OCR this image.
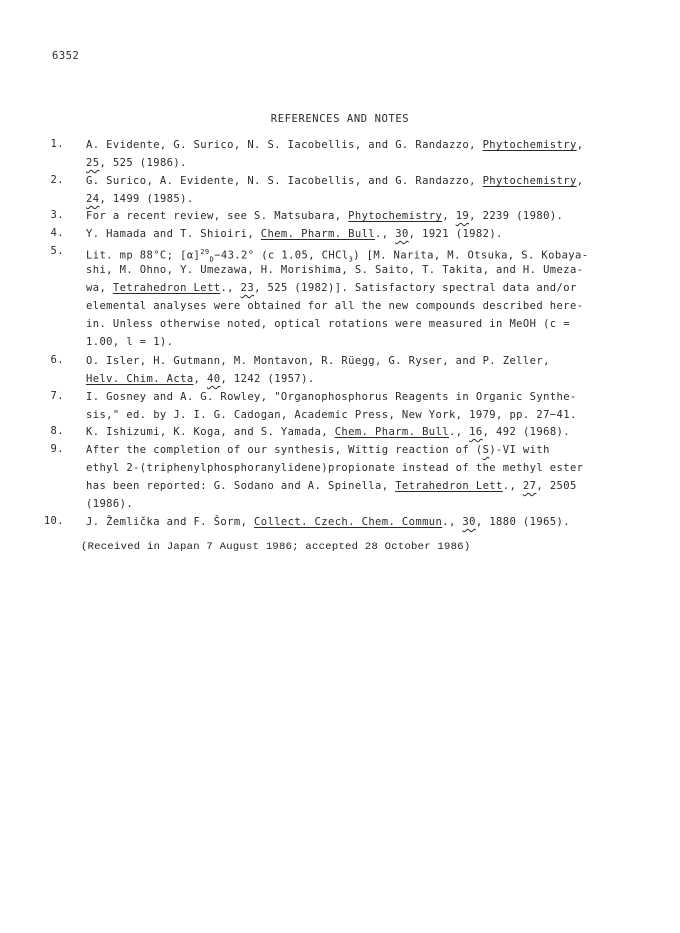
6352
REFERENCES AND NOTES
1. A. Evidente, G. Surico, N. S. Iacobellis, and G. Randazzo, Phytochemistry,
25, 525 (1986).
2. G. Surico, A. Evidente, N. S. Iacobellis, and G. Randazzo, Phytochemistry,
24, 1499 (1985).
3. For a recent review, see S. Matsubara, Phytochemistry, 19, 2239 (1980).
4. Y. Hamada and T. Shioiri, Chem. Pharm. Bull., 30, 1921 (1982).
5. Lit. mp 88°C; $[\alpha]^{29}_D-43.2^\circ$ (c 1.05, CHCl$_3$) [M. Narita, M. Otsuka, S. Kobaya-
shi, M. Ohno, Y. Umezawa, H. Morishima, S. Saito, T. Takita, and H. Umeza-
wa, Tetrahedron Lett., 23, 525 (1982)]. Satisfactory spectral data and/or
elemental analyses were obtained for all the new compounds described here-
in. Unless otherwise noted, optical rotations were measured in MeOH (c =
1.00, l = 1).
6. O. Isler, H. Gutmann, M. Montavon, R. Rüegg, G. Ryser, and P. Zeller,
Helv. Chim. Acta, 40, 1242 (1957).
7. I. Gosney and A. G. Rowley, "Organophosphorus Reagents in Organic Synthe-
sis," ed. by J. I. G. Cadogan, Academic Press, New York, 1979, pp. 27−41.
8. K. Ishizumi, K. Koga, and S. Yamada, Chem. Pharm. Bull., 16, 492 (1968).
9. After the completion of our synthesis, Wittig reaction of (S)-VI with
ethyl 2-(triphenylphosphoranylidene)propionate instead of the methyl ester
has been reported: G. Sodano and A. Spinella, Tetrahedron Lett., 27, 2505
(1986).
10. J. Žemlička and F. Šorm, Collect. Czech. Chem. Commun., 30, 1880 (1965).
(Received in Japan 7 August 1986; accepted 28 October 1986)
